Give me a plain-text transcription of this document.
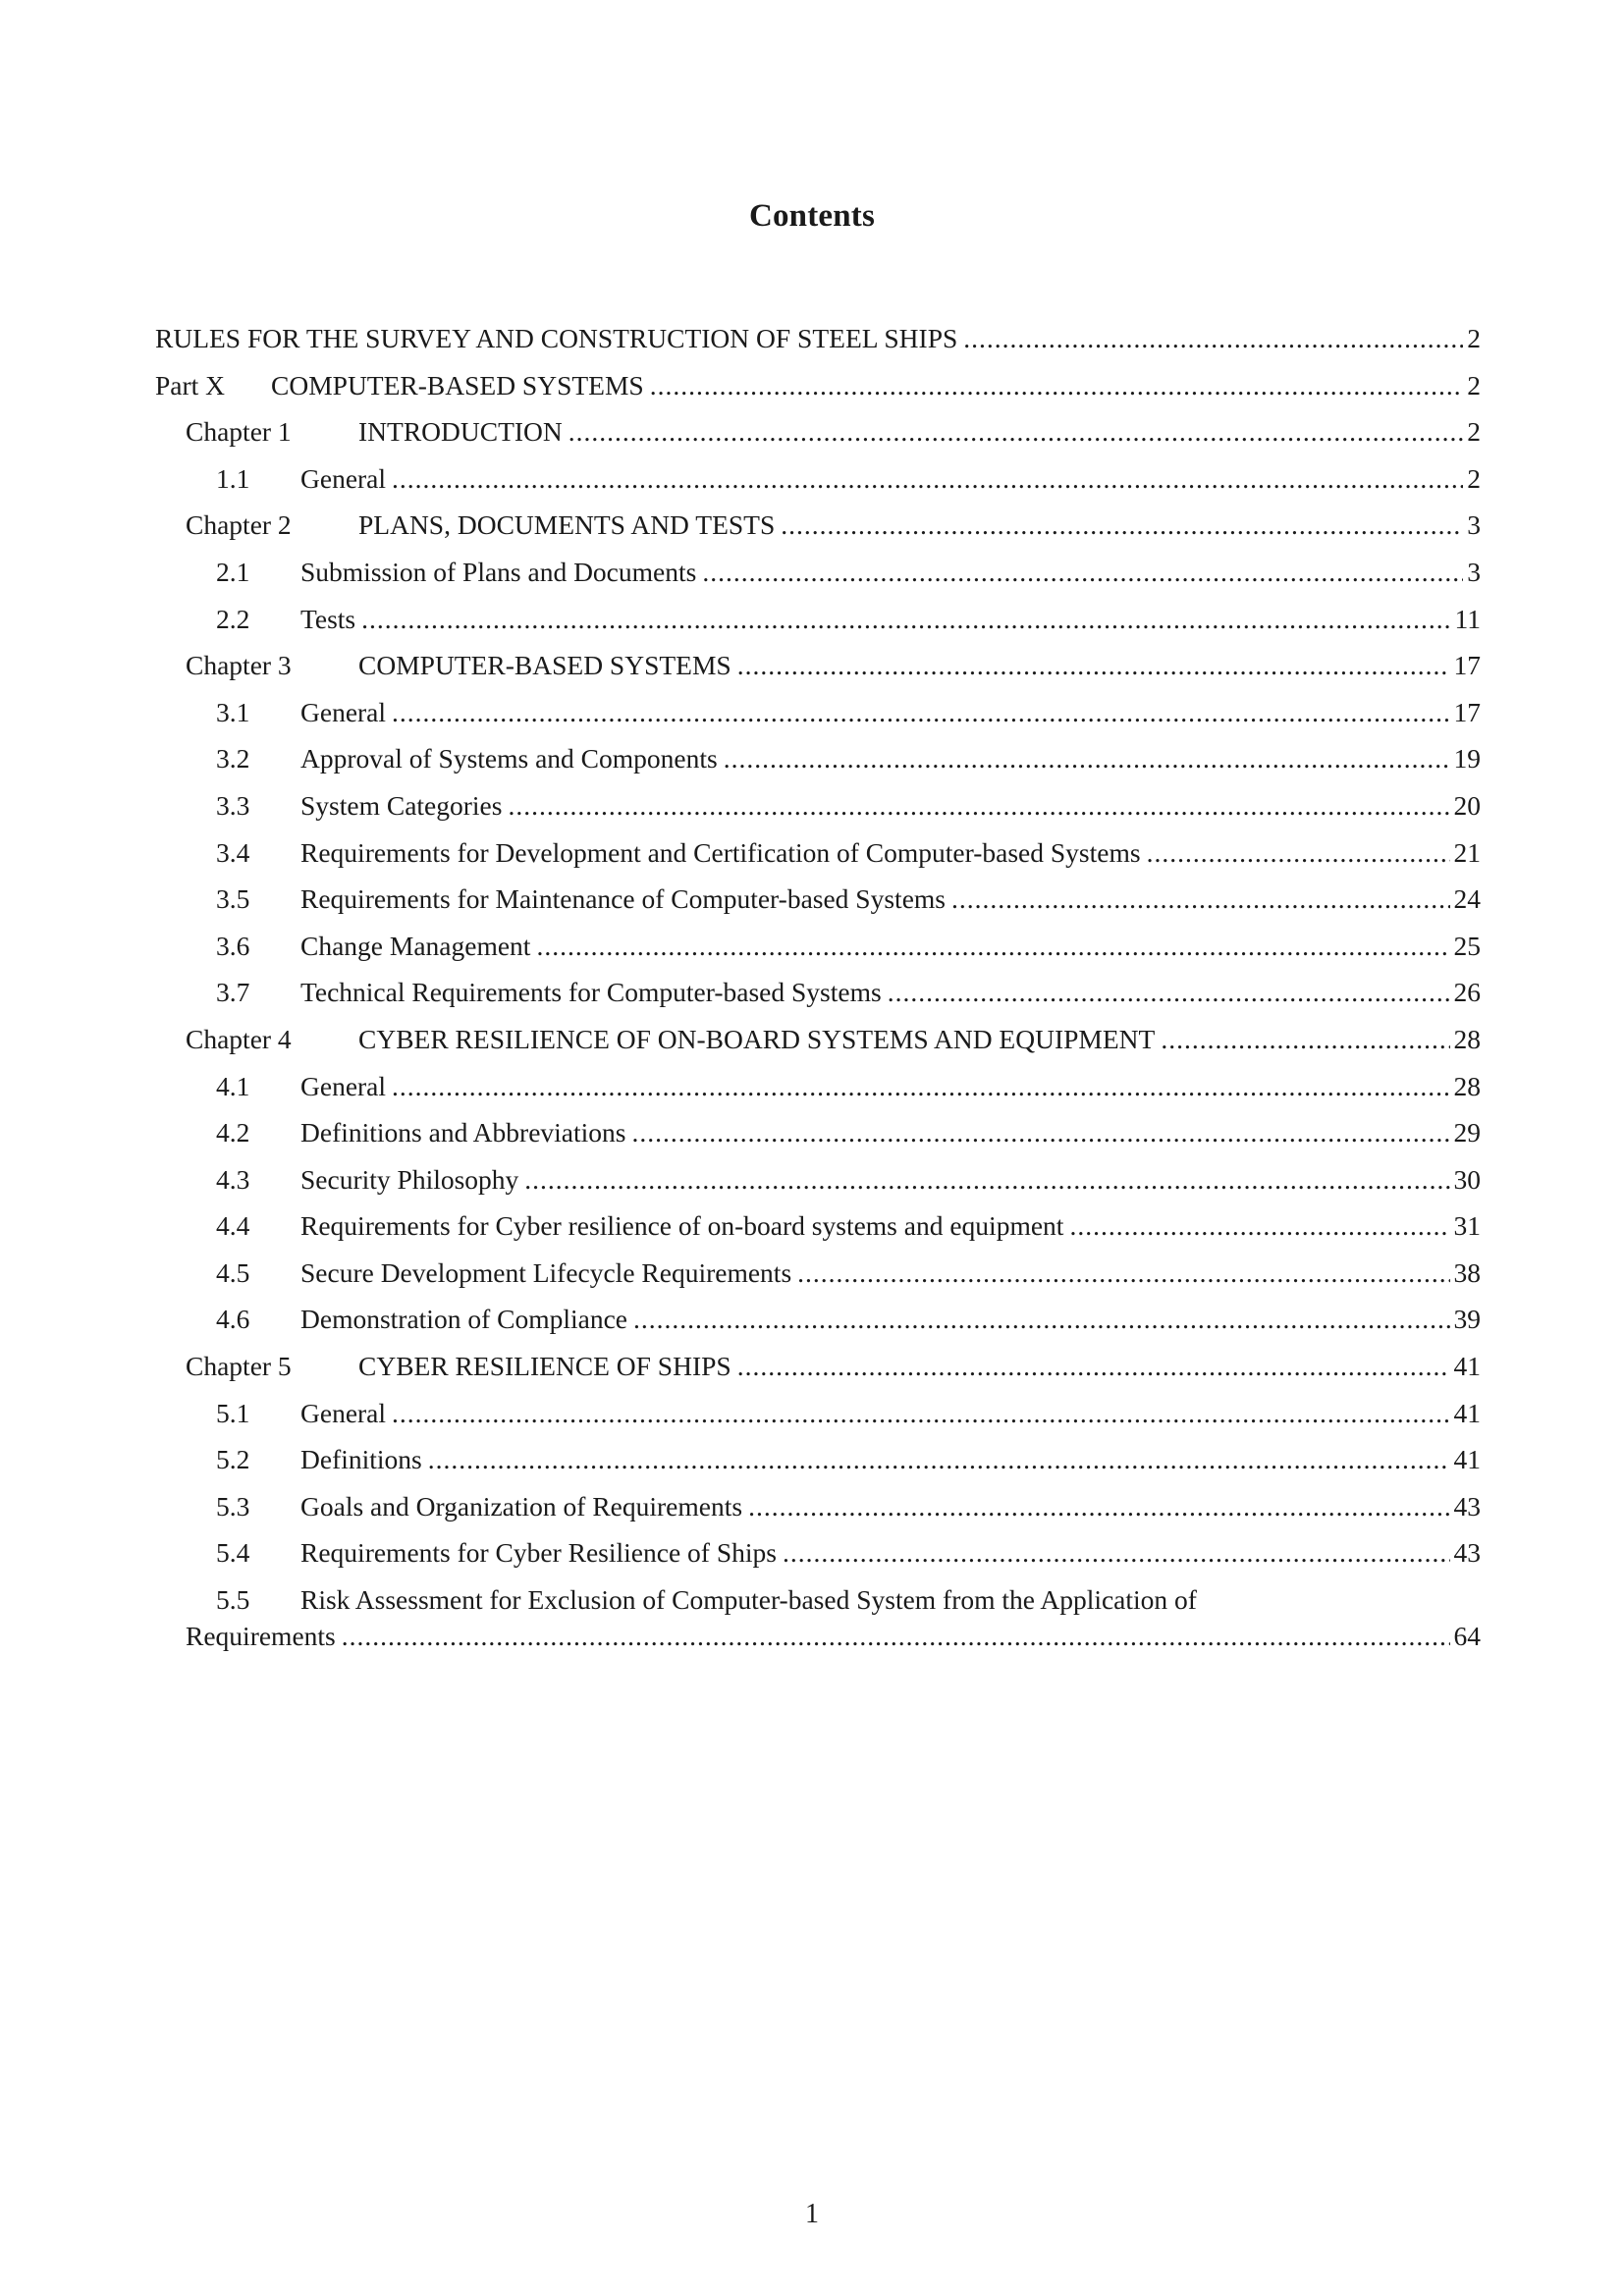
Contents
RULES FOR THE SURVEY AND CONSTRUCTION OF STEEL SHIPS .....	2
Part X	COMPUTER-BASED SYSTEMS .....	2
Chapter 1	INTRODUCTION .....	2
1.1	General .....	2
Chapter 2	PLANS, DOCUMENTS AND TESTS .....	3
2.1	Submission of Plans and Documents .....	3
2.2	Tests .....	11
Chapter 3	COMPUTER-BASED SYSTEMS .....	17
3.1	General .....	17
3.2	Approval of Systems and Components .....	19
3.3	System Categories .....	20
3.4	Requirements for Development and Certification of Computer-based Systems .....	21
3.5	Requirements for Maintenance of Computer-based Systems .....	24
3.6	Change Management .....	25
3.7	Technical Requirements for Computer-based Systems .....	26
Chapter 4	CYBER RESILIENCE OF ON-BOARD SYSTEMS AND EQUIPMENT .....	28
4.1	General .....	28
4.2	Definitions and Abbreviations .....	29
4.3	Security Philosophy .....	30
4.4	Requirements for Cyber resilience of on-board systems and equipment .....	31
4.5	Secure Development Lifecycle Requirements .....	38
4.6	Demonstration of Compliance .....	39
Chapter 5	CYBER RESILIENCE OF SHIPS .....	41
5.1	General .....	41
5.2	Definitions .....	41
5.3	Goals and Organization of Requirements .....	43
5.4	Requirements for Cyber Resilience of Ships .....	43
5.5	Risk Assessment for Exclusion of Computer-based System from the Application of
Requirements .....	64
1
